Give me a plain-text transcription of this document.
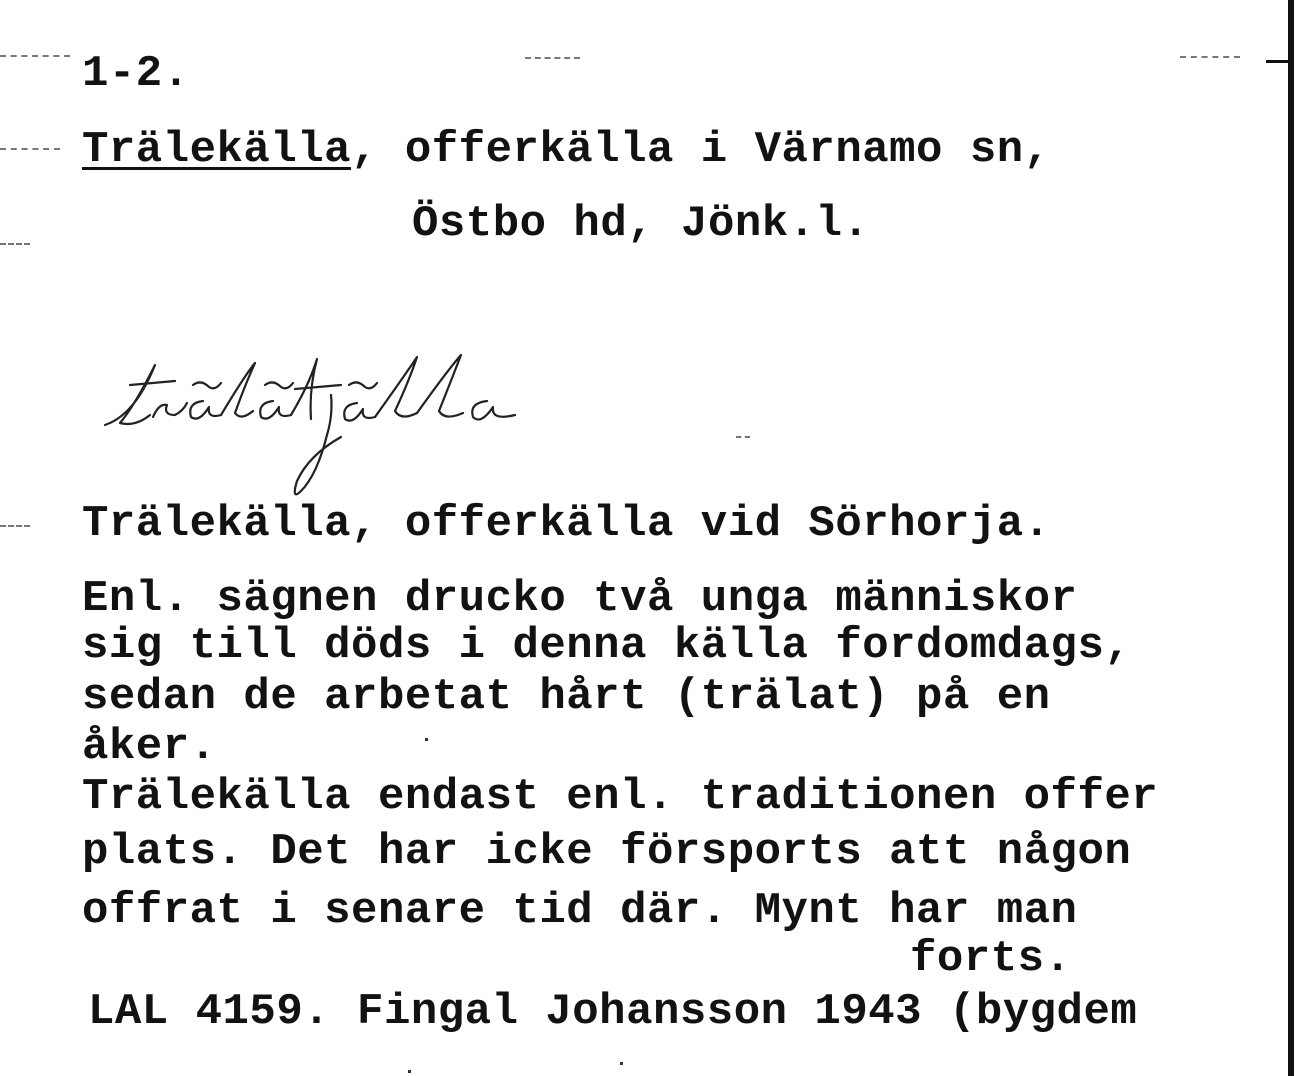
1-2.
Trälekälla, offerkälla i Värnamo sn,
Östbo hd, Jönk.l.
Trälekälla, offerkälla vid Sörhorja.
Enl. sägnen drucko två unga människor
sig till döds i denna källa fordomdags,
sedan de arbetat hårt (trälat) på en
åker.
Trälekälla endast enl. traditionen offer
plats. Det har icke försports att någon
offrat i senare tid där. Mynt har man
forts.
LAL 4159. Fingal Johansson 1943 (bygdem
